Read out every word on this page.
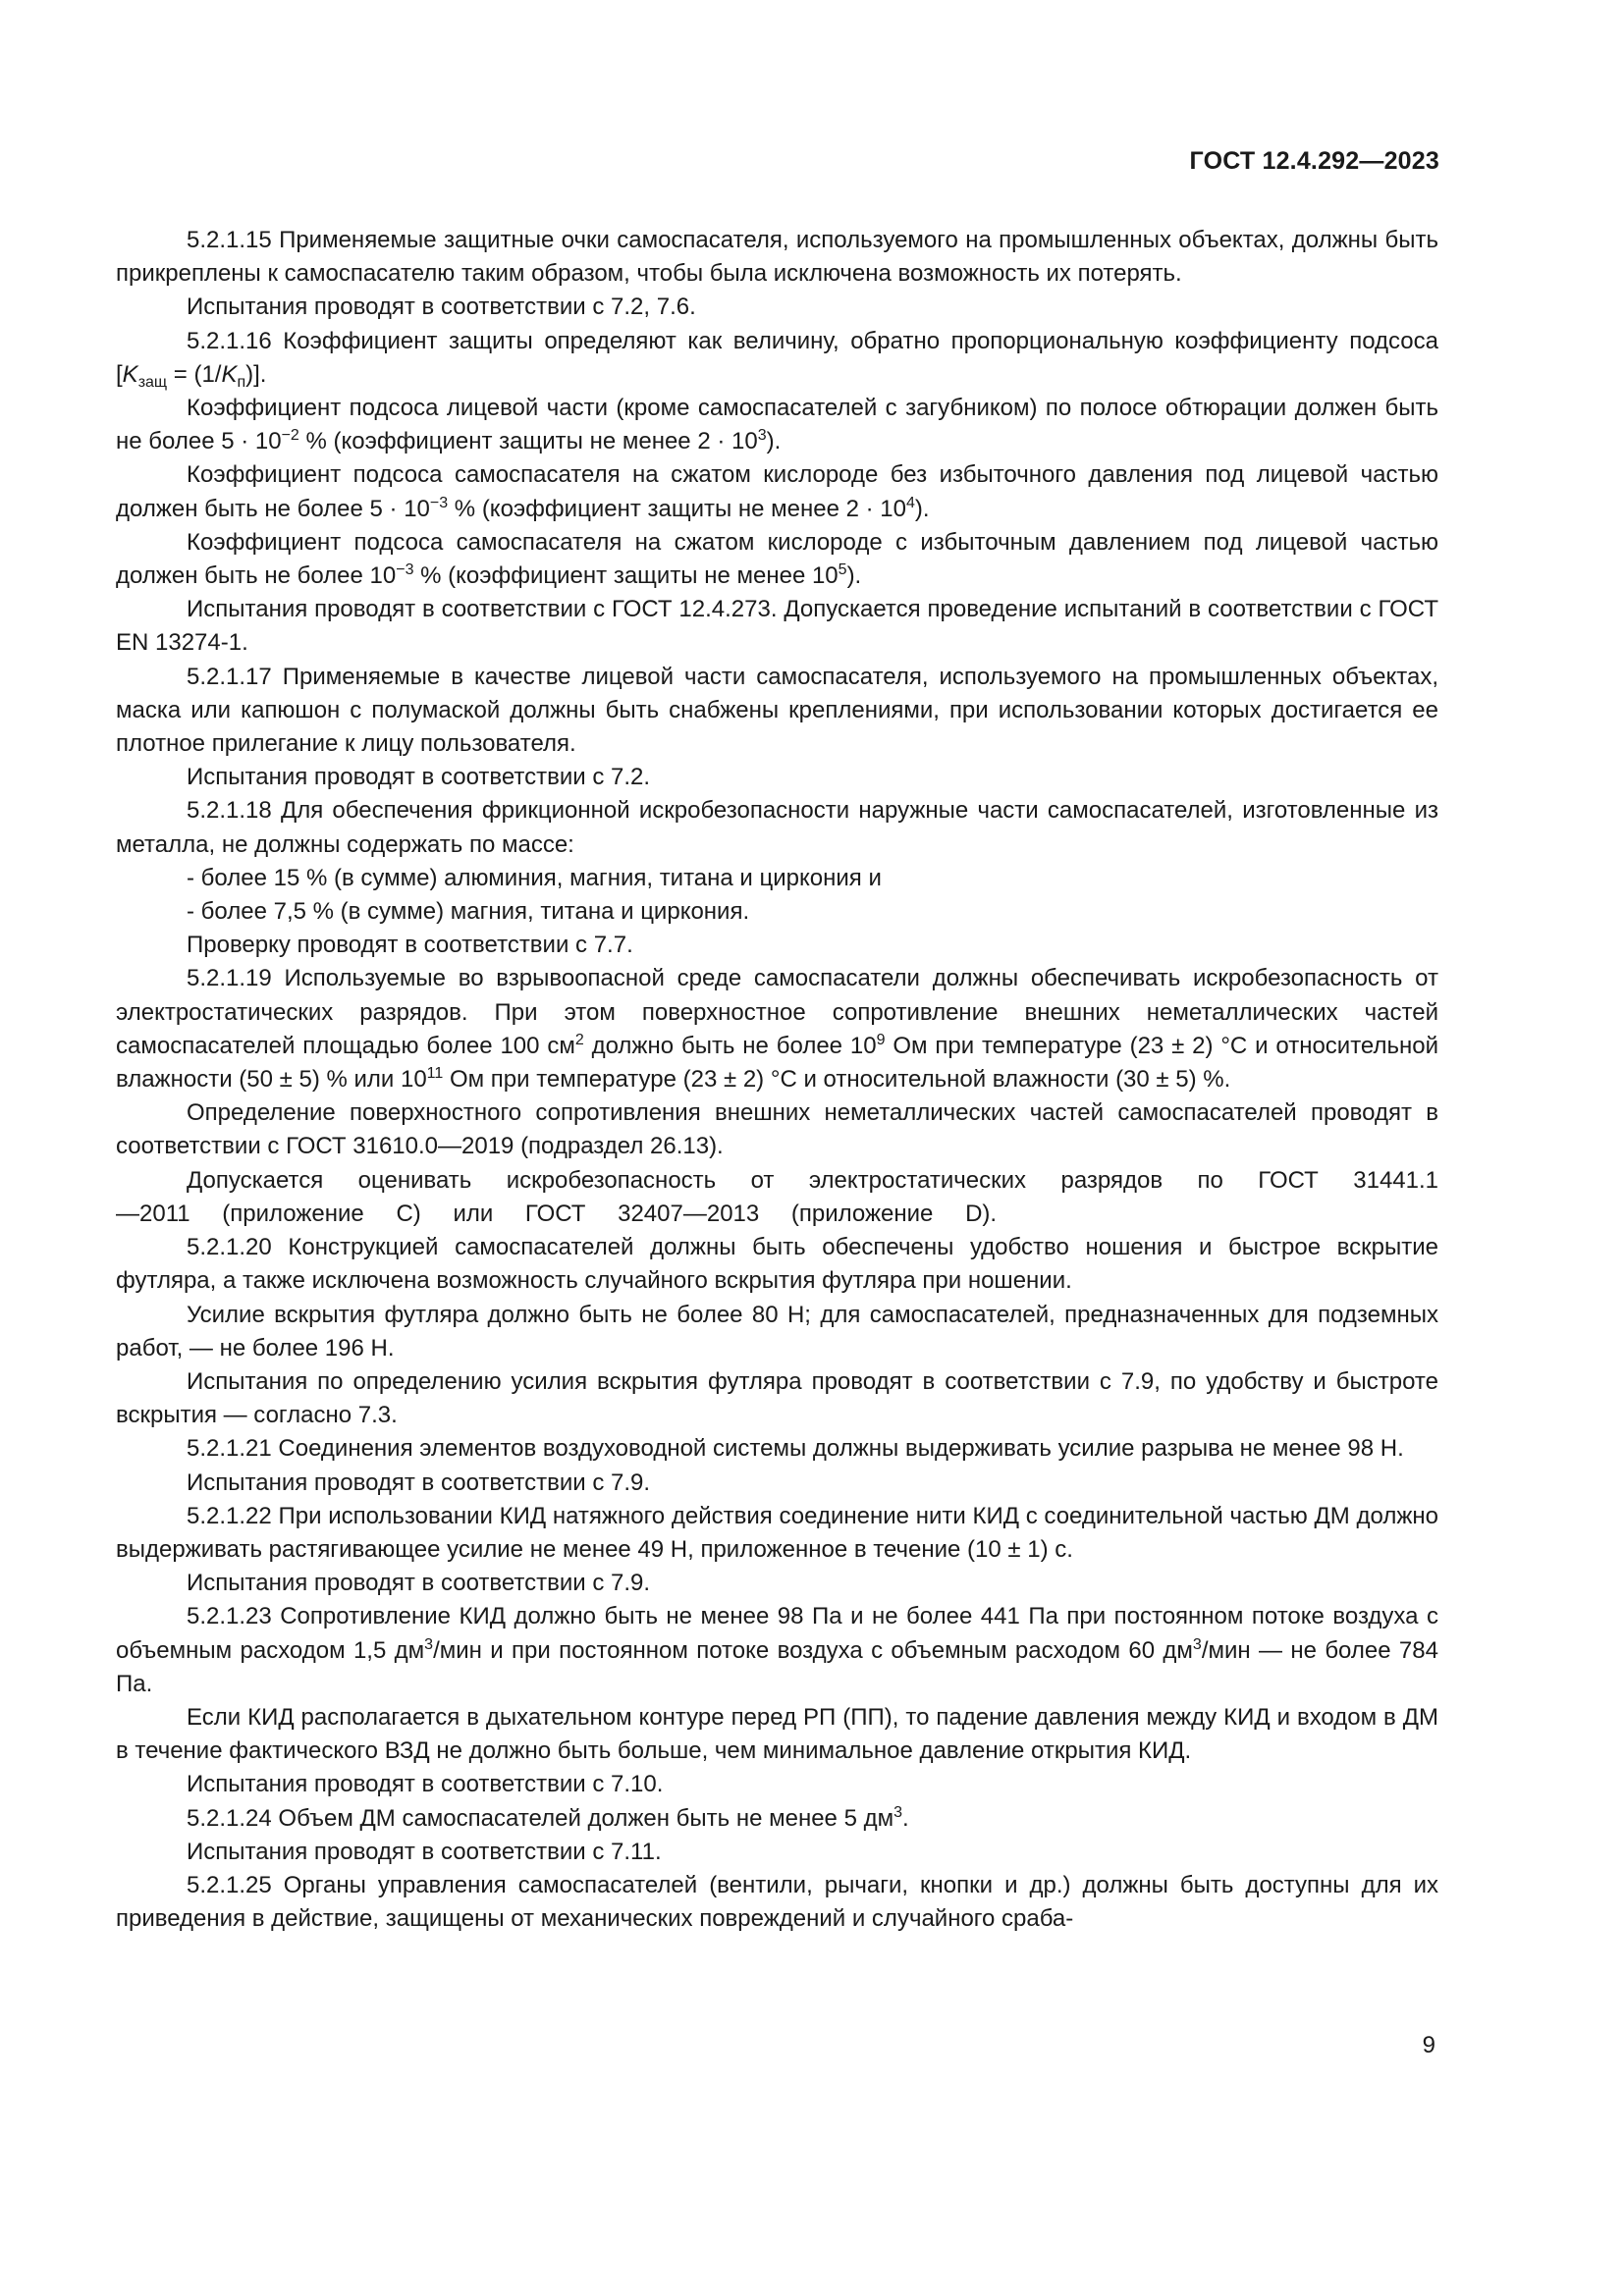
ГОСТ 12.4.292—2023

5.2.1.15 Применяемые защитные очки самоспасателя, используемого на промышленных объектах, должны быть прикреплены к самоспасателю таким образом, чтобы была исключена возможность их потерять.

Испытания проводят в соответствии с 7.2, 7.6.

5.2.1.16 Коэффициент защиты определяют как величину, обратно пропорциональную коэффициенту подсоса $[K_{защ} = (1/K_п)]$.

Коэффициент подсоса лицевой части (кроме самоспасателей с загубником) по полосе обтюрации должен быть не более $5 \cdot 10^{-2}$ % (коэффициент защиты не менее $2 \cdot 10^3$).

Коэффициент подсоса самоспасателя на сжатом кислороде без избыточного давления под лицевой частью должен быть не более $5 \cdot 10^{-3}$ % (коэффициент защиты не менее $2 \cdot 10^4$).

Коэффициент подсоса самоспасателя на сжатом кислороде с избыточным давлением под лицевой частью должен быть не более $10^{-3}$ % (коэффициент защиты не менее $10^5$).

Испытания проводят в соответствии с ГОСТ 12.4.273. Допускается проведение испытаний в соответствии с ГОСТ EN 13274-1.

5.2.1.17 Применяемые в качестве лицевой части самоспасателя, используемого на промышленных объектах, маска или капюшон с полумаской должны быть снабжены креплениями, при использовании которых достигается ее плотное прилегание к лицу пользователя.

Испытания проводят в соответствии с 7.2.

5.2.1.18 Для обеспечения фрикционной искробезопасности наружные части самоспасателей, изготовленные из металла, не должны содержать по массе:

- более 15 % (в сумме) алюминия, магния, титана и циркония и

- более 7,5 % (в сумме) магния, титана и циркония.

Проверку проводят в соответствии с 7.7.

5.2.1.19 Используемые во взрывоопасной среде самоспасатели должны обеспечивать искробезопасность от электростатических разрядов. При этом поверхностное сопротивление внешних неметаллических частей самоспасателей площадью более 100 $см^2$ должно быть не более $10^9$ Ом при температуре (23 ± 2) °С и относительной влажности (50 ± 5) % или $10^{11}$ Ом при температуре (23 ± 2) °С и относительной влажности (30 ± 5) %.

Определение поверхностного сопротивления внешних неметаллических частей самоспасателей проводят в соответствии с ГОСТ 31610.0—2019 (подраздел 26.13).

Допускается оценивать искробезопасность от электростатических разрядов по ГОСТ 31441.1—2011 (приложение С) или ГОСТ 32407—2013 (приложение D).

5.2.1.20 Конструкцией самоспасателей должны быть обеспечены удобство ношения и быстрое вскрытие футляра, а также исключена возможность случайного вскрытия футляра при ношении.

Усилие вскрытия футляра должно быть не более 80 Н; для самоспасателей, предназначенных для подземных работ, — не более 196 Н.

Испытания по определению усилия вскрытия футляра проводят в соответствии с 7.9, по удобству и быстроте вскрытия — согласно 7.3.

5.2.1.21 Соединения элементов воздуховодной системы должны выдерживать усилие разрыва не менее 98 Н.

Испытания проводят в соответствии с 7.9.

5.2.1.22 При использовании КИД натяжного действия соединение нити КИД с соединительной частью ДМ должно выдерживать растягивающее усилие не менее 49 Н, приложенное в течение (10 ± 1) с.

Испытания проводят в соответствии с 7.9.

5.2.1.23 Сопротивление КИД должно быть не менее 98 Па и не более 441 Па при постоянном потоке воздуха с объемным расходом 1,5 $дм^3$/мин и при постоянном потоке воздуха с объемным расходом 60 $дм^3$/мин — не более 784 Па.

Если КИД располагается в дыхательном контуре перед РП (ПП), то падение давления между КИД и входом в ДМ в течение фактического ВЗД не должно быть больше, чем минимальное давление открытия КИД.

Испытания проводят в соответствии с 7.10.

5.2.1.24 Объем ДМ самоспасателей должен быть не менее 5 $дм^3$.

Испытания проводят в соответствии с 7.11.

5.2.1.25 Органы управления самоспасателей (вентили, рычаги, кнопки и др.) должны быть доступны для их приведения в действие, защищены от механических повреждений и случайного сраба-

9
